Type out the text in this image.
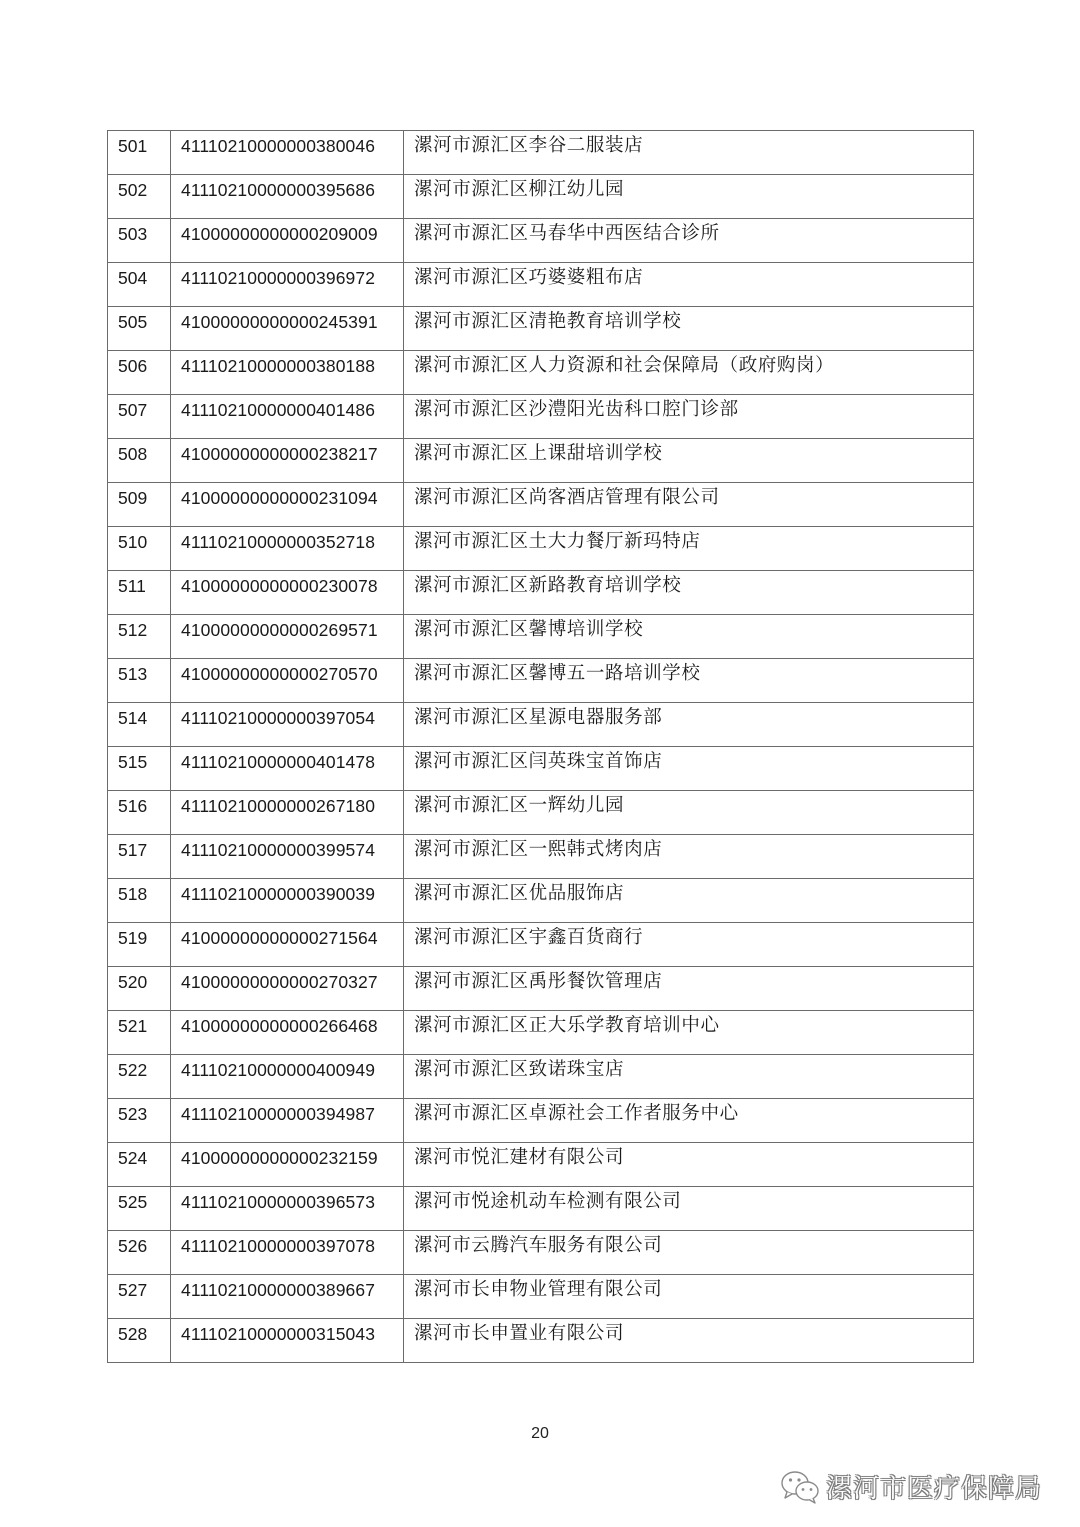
501	41110210000000380046	漯河市源汇区李谷二服装店
502	41110210000000395686	漯河市源汇区柳江幼儿园
503	41000000000000209009	漯河市源汇区马春华中西医结合诊所
504	41110210000000396972	漯河市源汇区巧婆婆粗布店
505	41000000000000245391	漯河市源汇区清艳教育培训学校
506	41110210000000380188	漯河市源汇区人力资源和社会保障局（政府购岗）
507	41110210000000401486	漯河市源汇区沙澧阳光齿科口腔门诊部
508	41000000000000238217	漯河市源汇区上课甜培训学校
509	41000000000000231094	漯河市源汇区尚客酒店管理有限公司
510	41110210000000352718	漯河市源汇区土大力餐厅新玛特店
511	41000000000000230078	漯河市源汇区新路教育培训学校
512	41000000000000269571	漯河市源汇区馨博培训学校
513	41000000000000270570	漯河市源汇区馨博五一路培训学校
514	41110210000000397054	漯河市源汇区星源电器服务部
515	41110210000000401478	漯河市源汇区闫英珠宝首饰店
516	41110210000000267180	漯河市源汇区一辉幼儿园
517	41110210000000399574	漯河市源汇区一熙韩式烤肉店
518	41110210000000390039	漯河市源汇区优品服饰店
519	41000000000000271564	漯河市源汇区宇鑫百货商行
520	41000000000000270327	漯河市源汇区禹彤餐饮管理店
521	41000000000000266468	漯河市源汇区正大乐学教育培训中心
522	41110210000000400949	漯河市源汇区致诺珠宝店
523	41110210000000394987	漯河市源汇区卓源社会工作者服务中心
524	41000000000000232159	漯河市悦汇建材有限公司
525	41110210000000396573	漯河市悦途机动车检测有限公司
526	41110210000000397078	漯河市云腾汽车服务有限公司
527	41110210000000389667	漯河市长申物业管理有限公司
528	41110210000000315043	漯河市长申置业有限公司
20
漯河市医疗保障局
